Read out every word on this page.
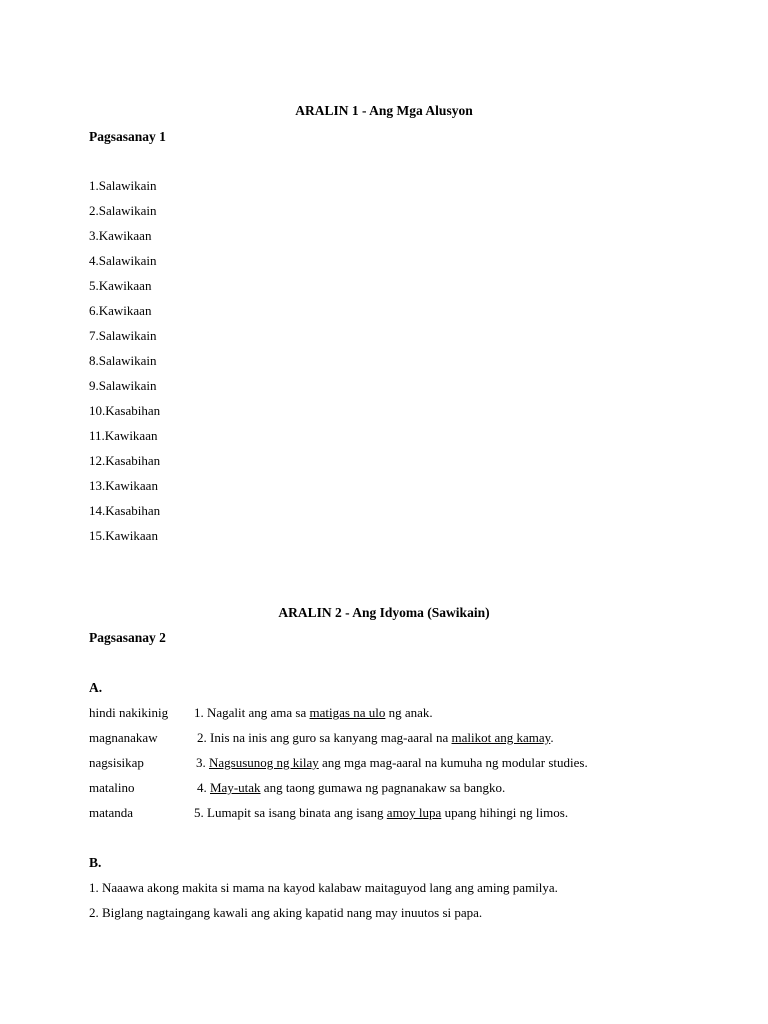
ARALIN 1 - Ang Mga Alusyon
Pagsasanay 1
1.Salawikain
2.Salawikain
3.Kawikaan
4.Salawikain
5.Kawikaan
6.Kawikaan
7.Salawikain
8.Salawikain
9.Salawikain
10.Kasabihan
11.Kawikaan
12.Kasabihan
13.Kawikaan
14.Kasabihan
15.Kawikaan
ARALIN 2 - Ang Idyoma (Sawikain)
Pagsasanay 2
A.
hindi nakikinig 1. Nagalit ang ama sa matigas na ulo ng anak.
magnanakaw	2. Inis na inis ang guro sa kanyang mag-aaral na malikot ang kamay.
nagsisikap	3. Nagsusunog ng kilay ang mga mag-aaral na kumuha ng modular studies.
matalino	4. May-utak ang taong gumawa ng pagnanakaw sa bangko.
matanda	5. Lumapit sa isang binata ang isang amoy lupa upang hihingi ng limos.
B.
1. Naaawa akong makita si mama na kayod kalabaw maitaguyod lang ang aming pamilya.
2. Biglang nagtaingang kawali ang aking kapatid nang may inuutos si papa.
